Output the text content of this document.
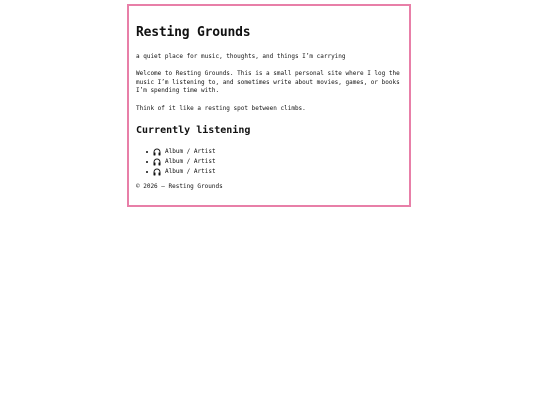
Resting Grounds

a quiet place for music, thoughts, and things I’m carrying

Welcome to Resting Grounds. This is a small personal site where I log the music I’m listening to, and sometimes write about movies, games, or books I’m spending time with.

Think of it like a resting spot between climbs.

Currently listening
Album / Artist
Album / Artist
Album / Artist

© 2026 — Resting Grounds
